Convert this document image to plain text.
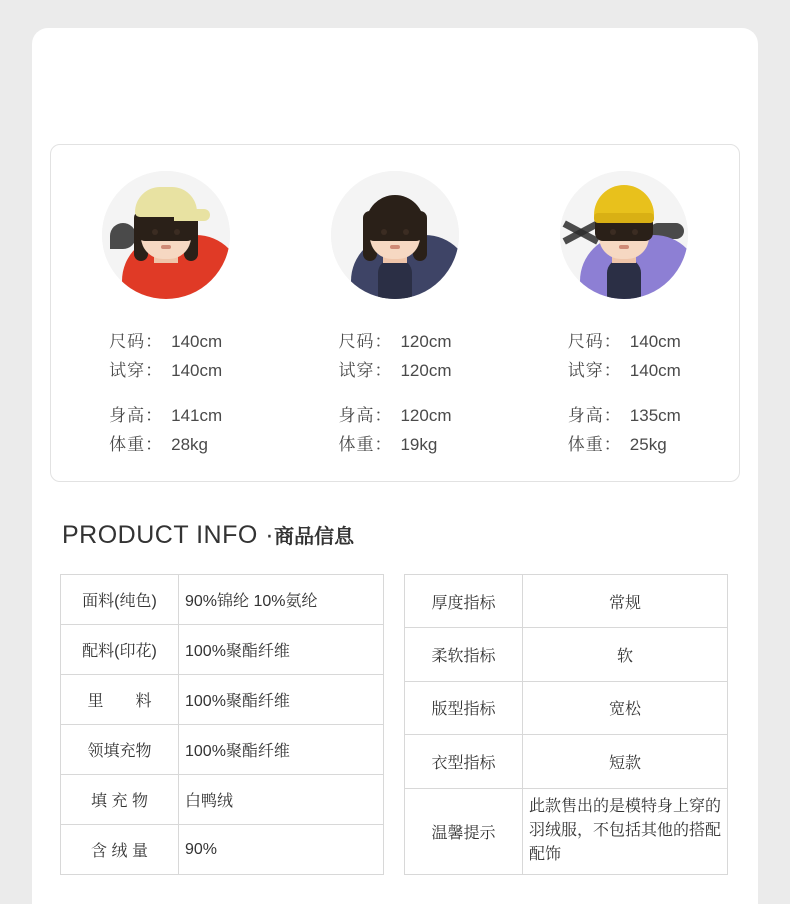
尺码： 140cm
试穿： 140cm

身高： 141cm
体重： 28kg
尺码： 120cm
试穿： 120cm

身高： 120cm
体重： 19kg
尺码： 140cm
试穿： 140cm

身高： 135cm
体重： 25kg
PRODUCT INFO ·商品信息
面料(纯色)	90%锦纶 10%氨纶
配料(印花)	100%聚酯纤维
里　　料	100%聚酯纤维
领填充物	100%聚酯纤维
填 充 物	白鸭绒
含 绒 量	90%
厚度指标	常规
柔软指标	软
版型指标	宽松
衣型指标	短款
温馨提示	此款售出的是模特身上穿的羽绒服，不包括其他的搭配配饰
